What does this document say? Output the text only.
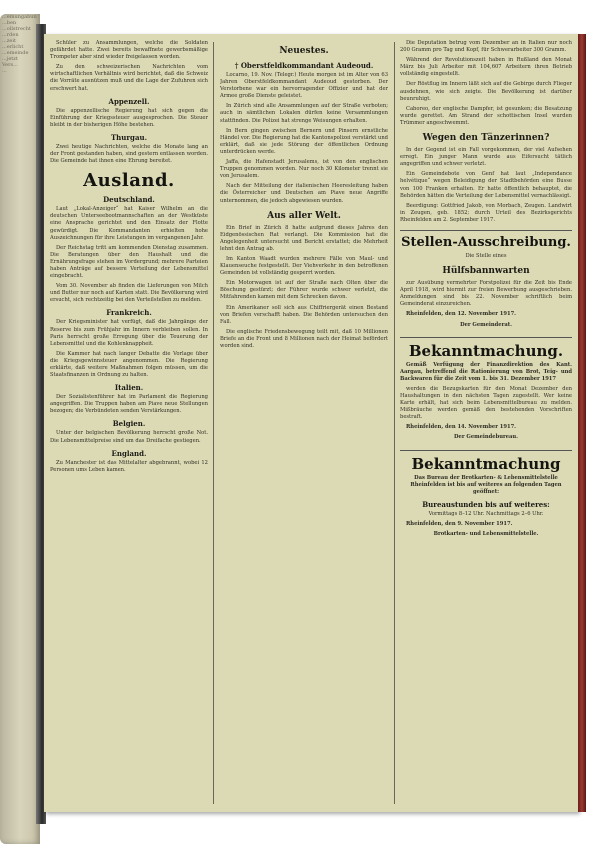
...emungabun
...ben
...ollstrecht
...rden
...zeit
...erlicht
...emeinde
...jetzt
Vers...
...

Schüler zu Ansammlungen, welche die Soldaten gefährdet hatte. Zwei bereits bewaffnete gewerbsmäßige Trompeter aber sind wieder freigelassen worden.

Zu den schweizerischen Nachrichten vom wirtschaftlichen Verhältnis wird berichtet, daß die Schweiz die Vorräte ausnützen muß und die Lage der Zufuhren sich erschwert hat.

Appenzell.

Die appenzellische Regierung hat sich gegen die Einführung der Kriegssteuer ausgesprochen. Die Steuer bleibt in der bisherigen Höhe bestehen.

Thurgau.

Zwei heutige Nachrichten, welche die Monate lang an der Front gestanden haben, sind gestern entlassen worden. Die Gemeinde hat ihnen eine Ehrung bereitet.

Ausland.
Deutschland.

Laut „Lokal-Anzeiger“ hat Kaiser Wilhelm an die deutschen Unterseebootmannschaften an der Westküste eine Ansprache gerichtet und den Einsatz der Flotte gewürdigt. Die Kommandanten erhielten hohe Auszeichnungen für ihre Leistungen im vergangenen Jahr.

Der Reichstag tritt am kommenden Dienstag zusammen. Die Beratungen über den Haushalt und die Ernährungsfrage stehen im Vordergrund; mehrere Parteien haben Anträge auf bessere Verteilung der Lebensmittel eingebracht.

Vom 30. November ab finden die Lieferungen von Milch und Butter nur noch auf Karten statt. Die Bevölkerung wird ersucht, sich rechtzeitig bei den Verteilstellen zu melden.

Frankreich.

Der Kriegsminister hat verfügt, daß die Jahrgänge der Reserve bis zum Frühjahr im Innern verbleiben sollen. In Paris herrscht große Erregung über die Teuerung der Lebensmittel und die Kohlenknappheit.

Die Kammer hat nach langer Debatte die Vorlage über die Kriegsgewinnsteuer angenommen. Die Regierung erklärte, daß weitere Maßnahmen folgen müssen, um die Staatsfinanzen in Ordnung zu halten.

Italien.

Der Sozialistenführer hat im Parlament die Regierung angegriffen. Die Truppen haben am Piave neue Stellungen bezogen; die Verbündeten senden Verstärkungen.

Belgien.

Unter der belgischen Bevölkerung herrscht große Not. Die Lebensmittelpreise sind um das Dreifache gestiegen.

England.

Zu Manchester ist das Mittelalter abgebrannt, wobei 12 Personen ums Leben kamen.

Neuestes.
† Oberstfeldkommandant Audeoud.

Locarno, 19. Nov. (Telegr.) Heute morgen ist im Alter von 63 Jahren Oberstfeldkommandant Audeoud gestorben. Der Verstorbene war ein hervorragender Offizier und hat der Armee große Dienste geleistet.

In Zürich sind alle Ansammlungen auf der Straße verboten; auch in sämtlichen Lokalen dürfen keine Versammlungen stattfinden. Die Polizei hat strenge Weisungen erhalten.

In Bern gingen zwischen Bernern und Pinsern ernstliche Händel vor. Die Regierung hat die Kantonspolizei verstärkt und erklärt, daß sie jede Störung der öffentlichen Ordnung unterdrücken werde.

Jaffa, die Hafenstadt Jerusalems, ist von den englischen Truppen genommen worden. Nur noch 30 Kilometer trennt sie von Jerusalem.

Nach der Mitteilung der italienischen Heeresleitung haben die Österreicher und Deutschen am Piave neue Angriffe unternommen, die jedoch abgewiesen wurden.

Aus aller Welt.

Ein Brief in Zürich 8 hatte aufgrund dieses Jahres den Eidgenössischen Rat verlangt. Die Kommission hat die Angelegenheit untersucht und Bericht erstattet; die Mehrheit lehnt den Antrag ab.

Im Kanton Waadt wurden mehrere Fälle von Maul- und Klauenseuche festgestellt. Der Viehverkehr in den betroffenen Gemeinden ist vollständig gesperrt worden.

Ein Motorwagen ist auf der Straße nach Olten über die Böschung gestürzt; der Führer wurde schwer verletzt, die Mitfahrenden kamen mit dem Schrecken davon.

Ein Amerikaner soll sich aus Chiffriergerät einen Bestand von Briefen verschafft haben. Die Behörden untersuchen den Fall.

Die englische Friedensbewegung teilt mit, daß 10 Millionen Briefe an die Front und 8 Millionen nach der Heimat befördert worden sind.

Die Deputation betrug vom Dezember an in Italien nur noch 200 Gramm pro Tag und Kopf, für Schwerarbeiter 300 Gramm.

Während der Revolutionszeit haben in Rußland den Monat März bis Juli Arbeiter mit 104,607 Arbeitern ihren Betrieb vollständig eingestellt.

Der Röstflug im Innern läßt sich auf die Gebirge durch Flieger ausdehnen, wie sich zeigte. Die Bevölkerung ist darüber beunruhigt.

Caboreo, der englische Dampfer, ist gesunken; die Besatzung wurde gerettet. Am Strand der schottischen Insel wurden Trümmer angeschwemmt.

Wegen den Tänzerinnen?

In der Gegend ist ein Fall vorgekommen, der viel Aufsehen erregt. Ein junger Mann wurde aus Eifersucht tätlich angegriffen und schwer verletzt.

Ein Gemeindebote von Genf hat laut „Independance helvétique“ wegen Beleidigung der Stadtbehörden eine Busse von 100 Franken erhalten. Er hatte öffentlich behauptet, die Behörden hätten die Verteilung der Lebensmittel vernachlässigt.

Beerdigung: Gottfried Jakob, von Morbach, Zeugen. Landwirt in Zeugen, geb. 1852; durch Urteil des Bezirksgerichts Rheinfelden am 2. September 1917.

Stellen-Ausschreibung.

Die Stelle eines

Hülfsbannwarten

zur Ausübung vermehrter Forstpolizei für die Zeit bis Ende April 1918, wird hiermit zur freien Bewerbung ausgeschrieben. Anmeldungen sind bis 22. November schriftlich beim Gemeinderat einzureichen.

Rheinfelden, den 12. November 1917.

Der Gemeinderat.

Bekanntmachung.

Gemäß Verfügung der Finanzdirektion des Kant. Aargau, betreffend die Rationierung von Brot, Teig- und Backwaren für die Zeit vom 1. bis 31. Dezember 1917

werden die Bezugskarten für den Monat Dezember den Haushaltungen in den nächsten Tagen zugestellt. Wer keine Karte erhält, hat sich beim Lebensmittelbureau zu melden. Mißbräuche werden gemäß den bestehenden Vorschriften bestraft.

Rheinfelden, den 14. November 1917.

Der Gemeindebureau.

Bekanntmachung

Das Bureau der Brotkarten- & Lebensmittelstelle Rheinfelden ist bis auf weiteres an folgenden Tagen geöffnet:

Bureaustunden bis auf weiteres:

Vormittags 8–12 Uhr. Nachmittags 2–6 Uhr.

Rheinfelden, den 9. November 1917.

Brotkarten- und Lebensmittelstelle.
